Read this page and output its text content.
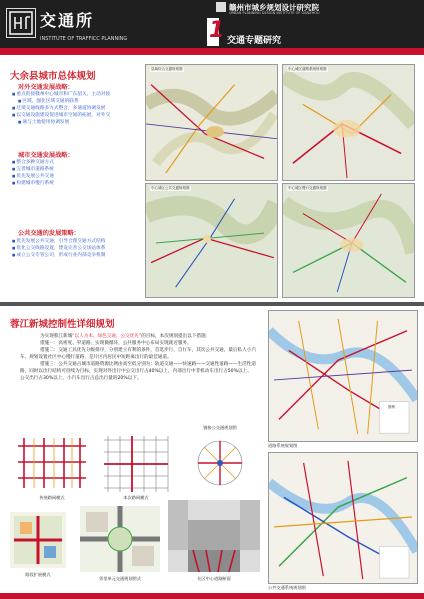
交通所
INSTITUTE OF TRAFFICC PLANNING
赣州市城乡规划设计研究院
URBAN PLANNING DESIGN INSTITUTE OF GANZHOU
1 交通专题研究
大余县城市总体规划
对外交通发展战略：
■ 重点衔接赣州中心城市和广东韶关，主动对接
■ 区域，强化区域交通的联系
■ 过境交通线路多方式整合，多通道协调发展
■ 以交通设施建设促进城市空间的拓展，对外交
■ 通与土地使用协调发展
城市交通发展战略：
■ 整合多种交通方式
■ 完善城市道路系统
■ 优先发展公共交通
■ 构建城市慢行系统
公共交通的发展策略：
■ 优先发展公共交通，引导合理交通方式结构
■ 优化公交线路设置，建设完善公交场站体系
■ 成立公交专管公司，形成行业内部竞争机制
县域综合交通规划图	中心城区道路系统规划图
中心城区公共交通规划图	中心城区慢行交通规划图
蓉江新城控制性详细规划
为实现蓉江新城“以人为本、绿色交通、公交优先”的目标，本次规划提出以下措施：
措施一：高密度、窄道路，实现微循环，公共服务中心布局实现就近服务。
措施二：交通工具优先分级排序，分别建立有利的条件，首选步行、自行车，其次公共交通，最后私人小汽车。规划设置社区中心慢行道路，是片区内居民中短距离出行的最佳通道。
措施三：公共交通占城市道路资源比例由高至低分别为：轨道交通——快速路——交通性道路——生活性道路，同时以出行结构可持续为目标，实现对外出行中公交出行占40%以上，内部出行中非机动车出行占50%以上、公交出行占30%以上、小汽车出行占总出行量的20%以下。
传统路网模式	本次路网模式
链接公交通规划图
路段扩展模式
邻里单元交通规划图式	社区中心道路断面
图例
道路系统规划图
公共交通系统规划图
